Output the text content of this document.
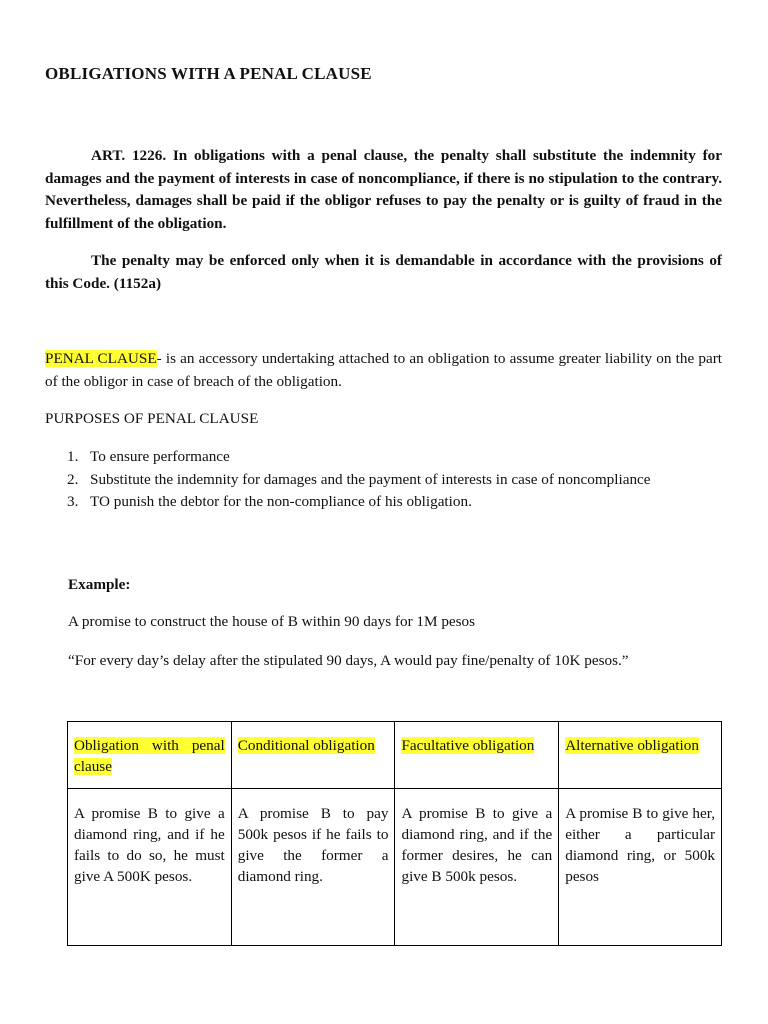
OBLIGATIONS WITH A PENAL CLAUSE

ART. 1226. In obligations with a penal clause, the penalty shall substitute the indemnity for damages and the payment of interests in case of noncompliance, if there is no stipulation to the contrary. Nevertheless, damages shall be paid if the obligor refuses to pay the penalty or is guilty of fraud in the fulfillment of the obligation.

The penalty may be enforced only when it is demandable in accordance with the provisions of this Code. (1152a)

PENAL CLAUSE- is an accessory undertaking attached to an obligation to assume greater liability on the part of the obligor in case of breach of the obligation.

PURPOSES OF PENAL CLAUSE
1. To ensure performance
2. Substitute the indemnity for damages and the payment of interests in case of noncompliance
3. TO punish the debtor for the non-compliance of his obligation.
Example:
A promise to construct the house of B within 90 days for 1M pesos
“For every day’s delay after the stipulated 90 days, A would pay fine/penalty of 10K pesos.”
Obligation with penal clause	Conditional obligation	Facultative obligation	Alternative obligation
A promise B to give a diamond ring, and if he fails to do so, he must give A 500K pesos.	A promise B to pay 500k pesos if he fails to give the former a diamond ring.	A promise B to give a diamond ring, and if the former desires, he can give B 500k pesos.	A promise B to give her, either a particular diamond ring, or 500k pesos
